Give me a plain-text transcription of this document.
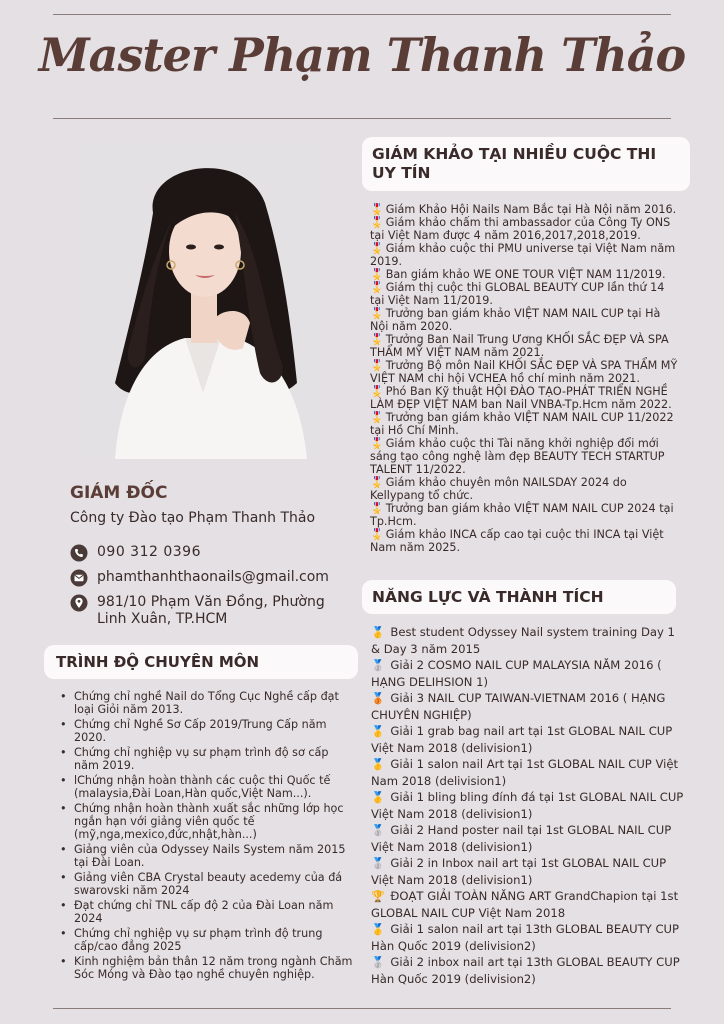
Master Phạm Thanh Thảo
GIÁM ĐỐC
Công ty Đào tạo Phạm Thanh Thảo
090 312 0396
phamthanhthaonails@gmail.com
981/10 Phạm Văn Đồng, Phường
Linh Xuân, TP.HCM
TRÌNH ĐỘ CHUYÊN MÔN
• Chứng chỉ nghề Nail do Tổng Cục Nghề cấp đạt loại Giỏi năm 2013.
• Chứng chỉ Nghề Sơ Cấp 2019/Trung Cấp năm 2020.
• Chứng chỉ nghiệp vụ sư phạm trình độ sơ cấp năm 2019.
• lChứng nhận hoàn thành các cuộc thi Quốc tế (malaysia,Đài Loan,Hàn quốc,Việt Nam...).
• Chứng nhận hoàn thành xuất sắc những lớp học ngắn hạn với giảng viên quốc tế (mỹ,nga,mexico,đức,nhật,hàn...)
• Giảng viên của Odyssey Nails System năm 2015 tại Đài Loan.
• Giảng viên CBA Crystal beauty acedemy của đá swarovski năm 2024
• Đạt chứng chỉ TNL cấp độ 2 của Đài Loan năm 2024
• Chứng chỉ nghiệp vụ sư phạm trình độ trung cấp/cao đẳng 2025
• Kinh nghiệm bản thân 12 năm trong ngành Chăm Sóc Móng và Đào tạo nghề chuyên nghiệp.
GIÁM KHẢO TẠI NHIỀU CUỘC THI
UY TÍN
🎖️ Giám Khảo Hội Nails Nam Bắc tại Hà Nội năm 2016.
🎖️ Giám khảo chấm thi ambassador của Công Ty ONS tại Việt Nam được 4 năm 2016,2017,2018,2019.
🎖️ Giám khảo cuộc thi PMU universe tại Việt Nam năm 2019.
🎖️ Ban giám khảo WE ONE TOUR VIỆT NAM 11/2019.
🎖️ Giám thị cuộc thi GLOBAL BEAUTY CUP lần thứ 14 tại Việt Nam 11/2019.
🎖️ Trưởng ban giám khảo VIỆT NAM NAIL CUP tại Hà Nội năm 2020.
🎖️ Trưởng Ban Nail Trung Ương KHỐI SẮC ĐẸP VÀ SPA THẨM MỸ VIỆT NAM năm 2021.
🎖️ Trưởng Bộ môn Nail KHỐI SẮC ĐẸP VÀ SPA THẨM MỸ VIỆT NAM chi hội VCHEA hồ chí minh năm 2021.
🎖️ Phó Ban Kỹ thuật HỘI ĐÀO TẠO-PHÁT TRIỂN NGHỀ LÀM ĐẸP VIỆT NAM ban Nail VNBA-Tp.Hcm năm 2022.
🎖️ Trưởng ban giám khảo VIỆT NAM NAIL CUP 11/2022 tại Hồ Chí Minh.
🎖️ Giám khảo cuộc thi Tài năng khởi nghiệp đổi mới sáng tạo công nghệ làm đẹp BEAUTY TECH STARTUP TALENT 11/2022.
🎖️ Giám khảo chuyên môn NAILSDAY 2024 do Kellypang tổ chức.
🎖️ Trưởng ban giám khảo VIỆT NAM NAIL CUP 2024 tại Tp.Hcm.
🎖️ Giám khảo INCA cấp cao tại cuộc thi INCA tại Việt Nam năm 2025.
NĂNG LỰC VÀ THÀNH TÍCH
🥇 Best student Odyssey Nail system training Day 1 & Day 3 năm 2015
🥈 Giải 2 COSMO NAIL CUP MALAYSIA NĂM 2016 ( HẠNG DELIHSION 1)
🥉 Giải 3 NAIL CUP TAIWAN-VIETNAM 2016 ( HẠNG CHUYÊN NGHIỆP)
🥇 Giải 1 grab bag nail art tại 1st GLOBAL NAIL CUP Việt Nam 2018 (delivision1)
🥇 Giải 1 salon nail Art tại 1st GLOBAL NAIL CUP Việt Nam 2018 (delivision1)
🥇 Giải 1 bling bling đính đá tại 1st GLOBAL NAIL CUP Việt Nam 2018 (delivision1)
🥈 Giải 2 Hand poster nail tại 1st GLOBAL NAIL CUP Việt Nam 2018 (delivision1)
🥈 Giải 2 in Inbox nail art tại 1st GLOBAL NAIL CUP Việt Nam 2018 (delivision1)
🏆 ĐOẠT GIẢI TOÀN NĂNG ART GrandChapion tại 1st GLOBAL NAIL CUP Việt Nam 2018
🥇 Giải 1 salon nail art tại 13th GLOBAL BEAUTY CUP Hàn Quốc 2019 (delivision2)
🥈 Giải 2 inbox nail art tại 13th GLOBAL BEAUTY CUP Hàn Quốc 2019 (delivision2)
